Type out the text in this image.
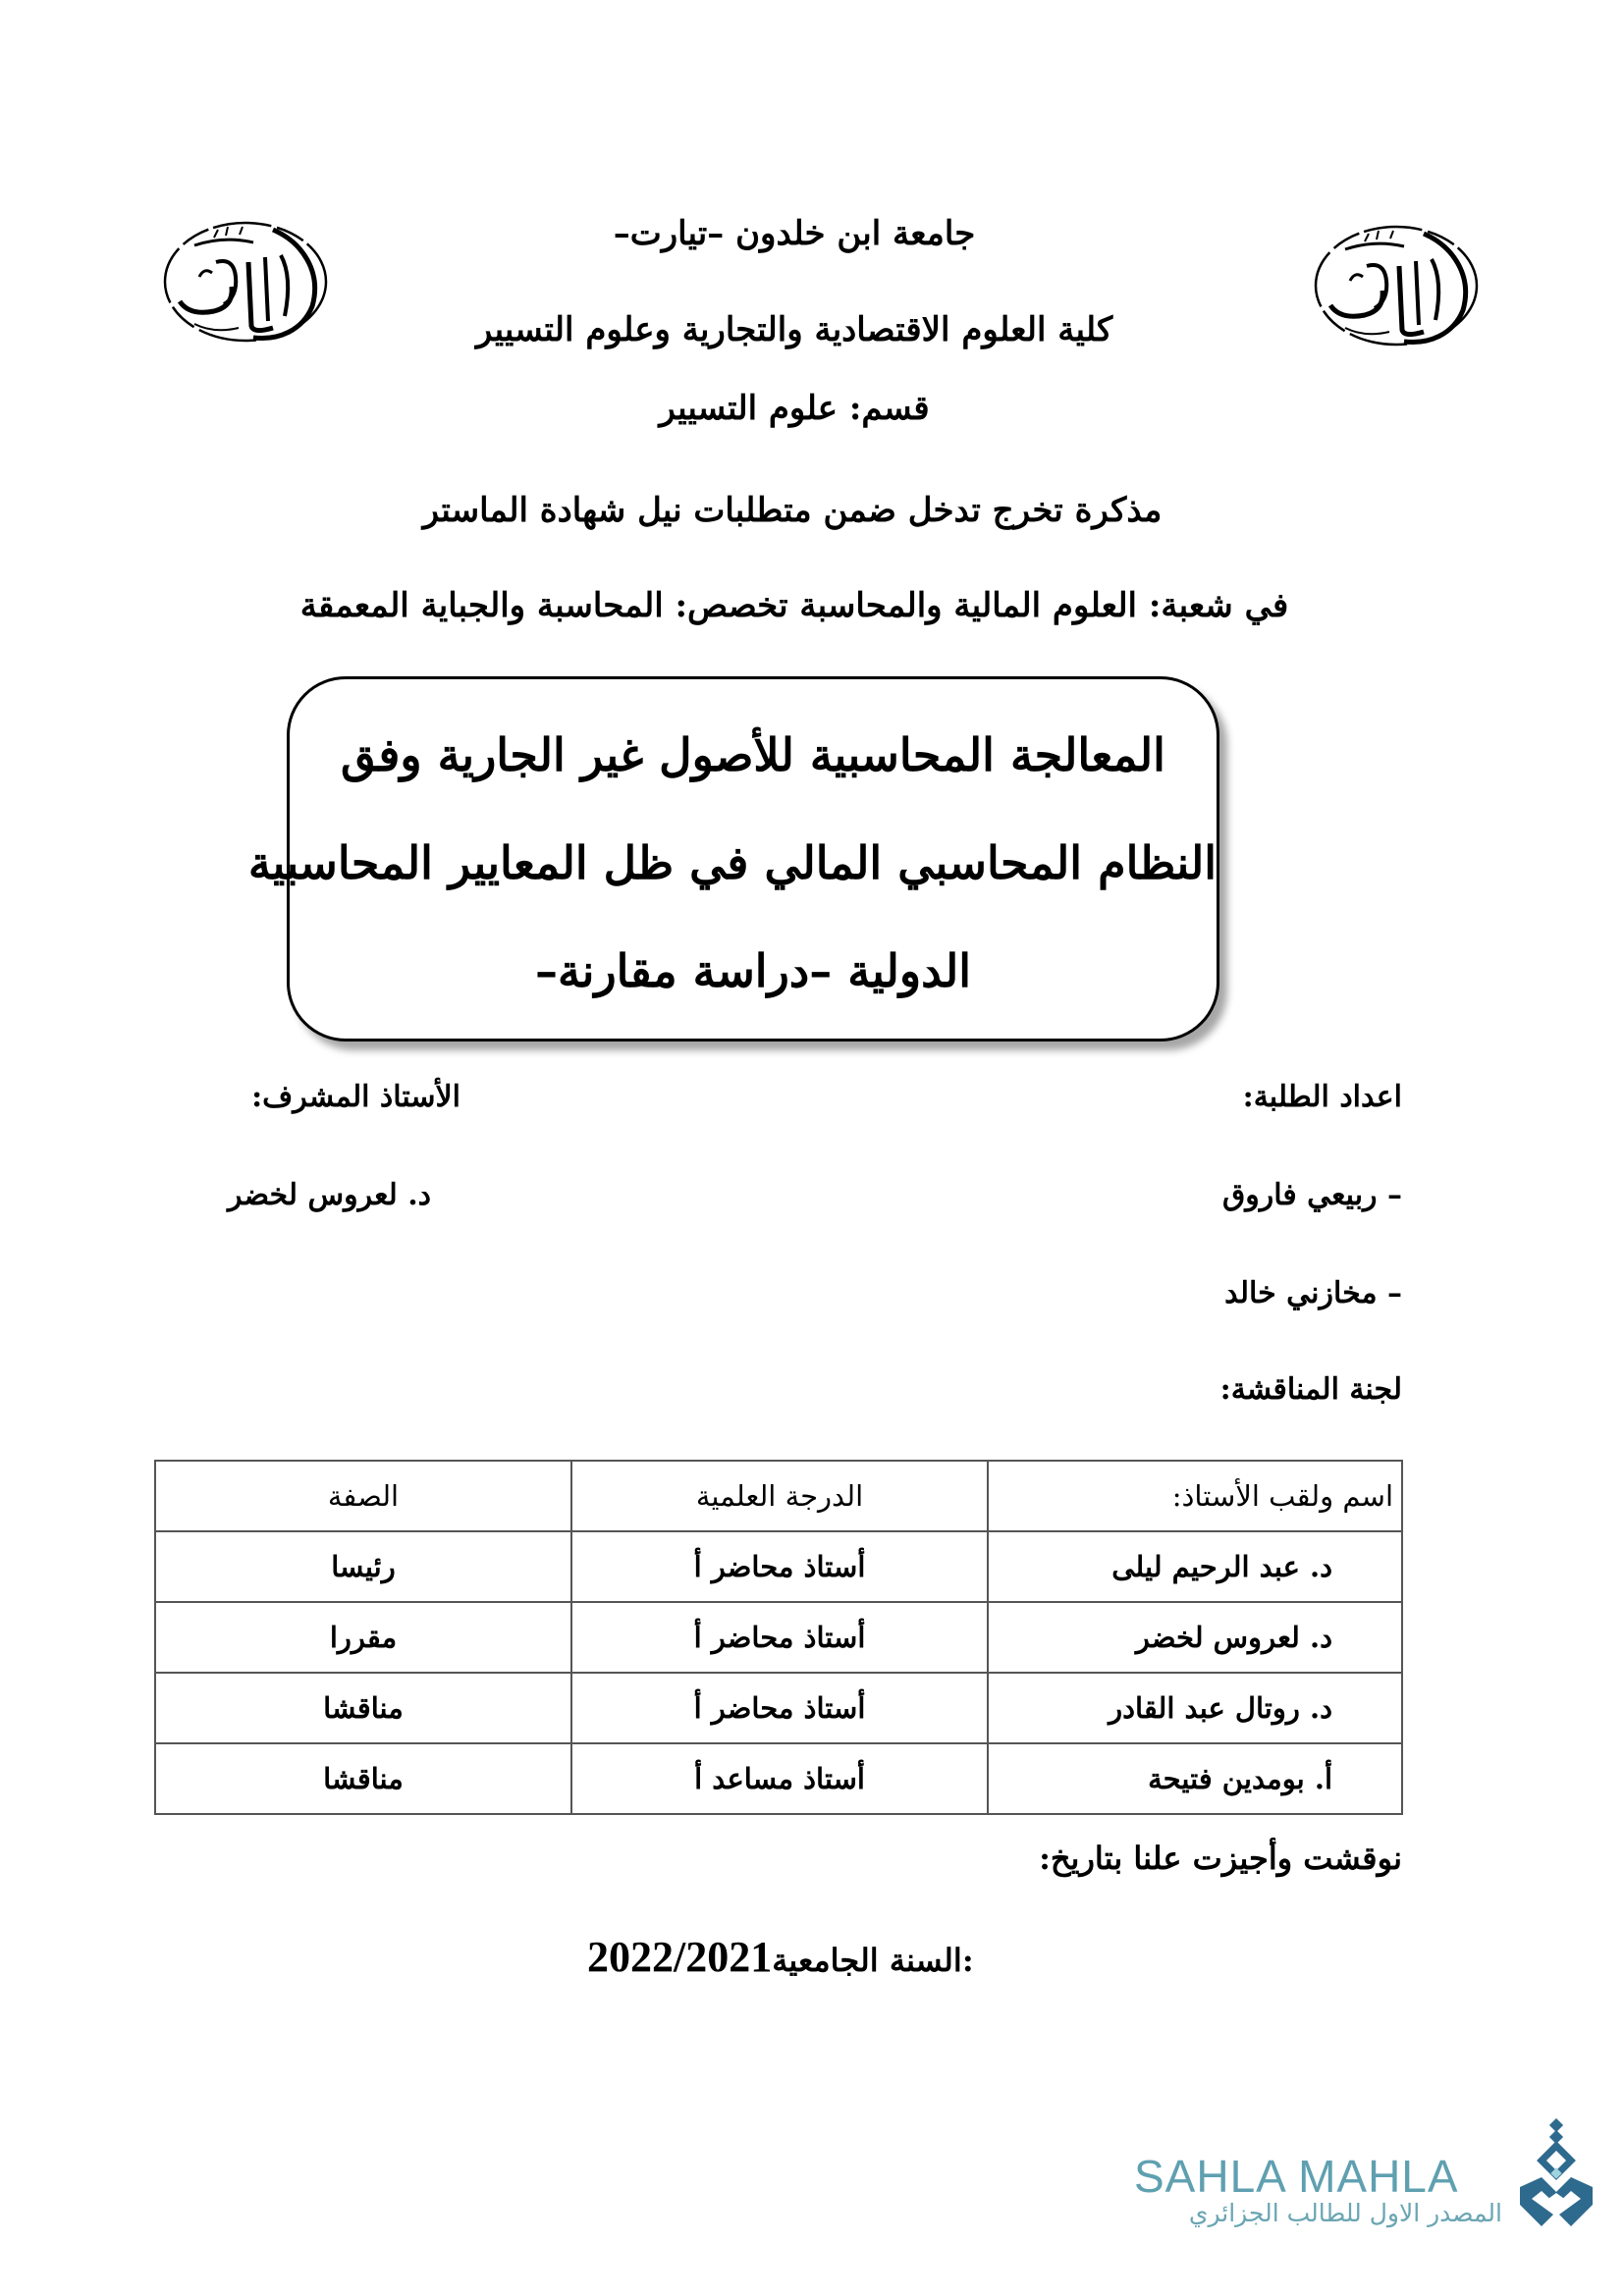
جامعة ابن خلدون –تيارت–
كلية العلوم الاقتصادية والتجارية وعلوم التسيير
قسم: علوم التسيير
مذكرة تخرج تدخل ضمن متطلبات نيل شهادة الماستر
في شعبة: العلوم المالية والمحاسبة تخصص: المحاسبة والجباية المعمقة
المعالجة المحاسبية للأصول غير الجارية وفق
النظام المحاسبي المالي في ظل المعايير المحاسبية
الدولية –دراسة مقارنة–
اعداد الطلبة:
الأستاذ المشرف:
– ربيعي فاروق
د. لعروس لخضر
– مخازني خالد
لجنة المناقشة:
اسم ولقب الأستاذ:	الدرجة العلمية	الصفة
د. عبد الرحيم ليلى	أستاذ محاضر أ	رئيسا
د. لعروس لخضر	أستاذ محاضر أ	مقررا
د. روتال عبد القادر	أستاذ محاضر أ	مناقشا
أ. بومدين فتيحة	أستاذ مساعد أ	مناقشا
نوقشت وأجيزت علنا بتاريخ:
2022/2021السنة الجامعية:
SAHLA MAHLA
المصدر الاول للطالب الجزائري
